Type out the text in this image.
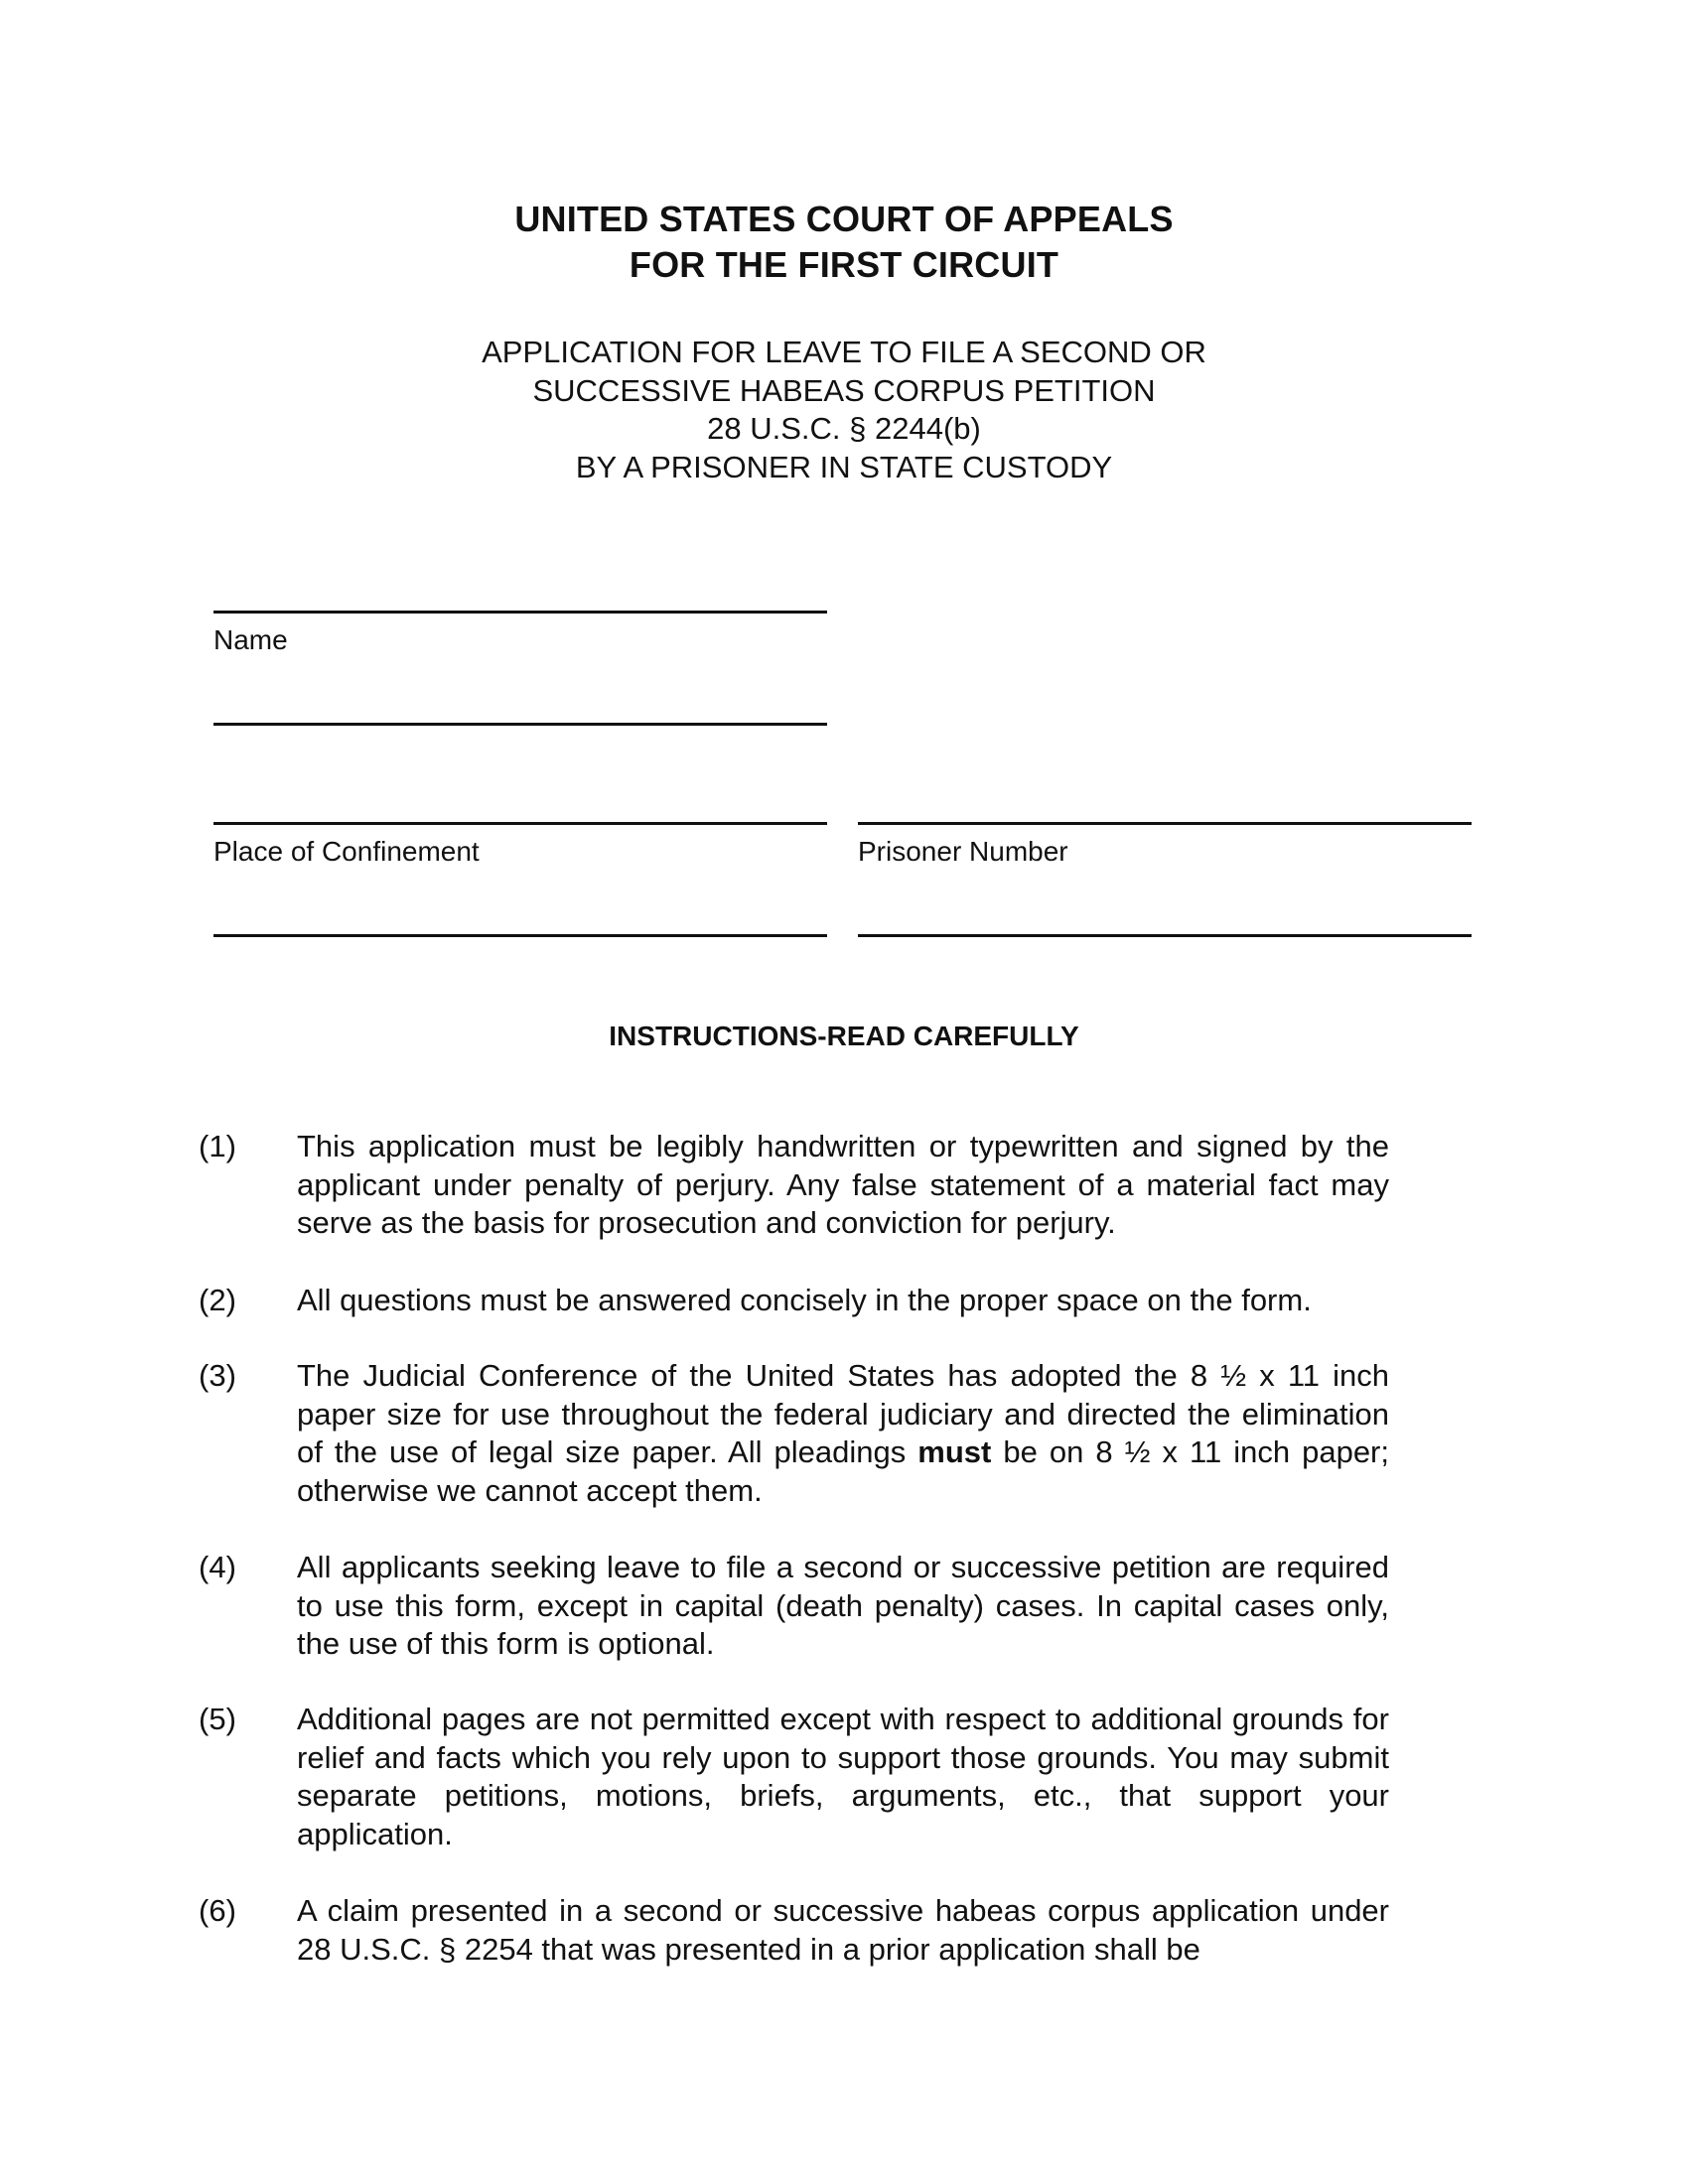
UNITED STATES COURT OF APPEALS
FOR THE FIRST CIRCUIT
APPLICATION FOR LEAVE TO FILE A SECOND OR
SUCCESSIVE HABEAS CORPUS PETITION
28 U.S.C. § 2244(b)
BY A PRISONER IN STATE CUSTODY
Name
Place of Confinement	Prisoner Number
INSTRUCTIONS-READ CAREFULLY
(1) This application must be legibly handwritten or typewritten and signed by the applicant under penalty of perjury. Any false statement of a material fact may serve as the basis for prosecution and conviction for perjury.
(2) All questions must be answered concisely in the proper space on the form.
(3) The Judicial Conference of the United States has adopted the 8 ½ x 11 inch paper size for use throughout the federal judiciary and directed the elimination of the use of legal size paper. All pleadings must be on 8 ½ x 11 inch paper; otherwise we cannot accept them.
(4) All applicants seeking leave to file a second or successive petition are required to use this form, except in capital (death penalty) cases. In capital cases only, the use of this form is optional.
(5) Additional pages are not permitted except with respect to additional grounds for relief and facts which you rely upon to support those grounds. You may submit separate petitions, motions, briefs, arguments, etc., that support your application.
(6) A claim presented in a second or successive habeas corpus application under 28 U.S.C. § 2254 that was presented in a prior application shall be
